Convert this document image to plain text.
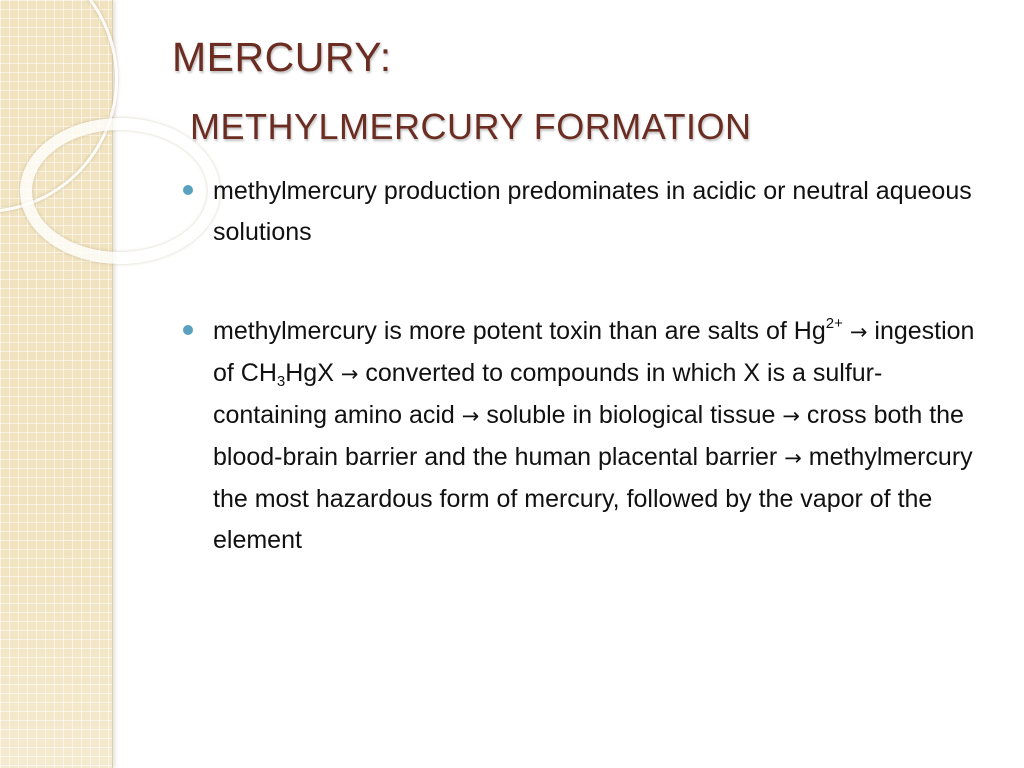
MERCURY:
METHYLMERCURY FORMATION
methylmercury production predominates in acidic or neutral aqueous solutions
methylmercury is more potent toxin than are salts of $Hg^{2+}$ → ingestion of $CH_3HgX$ → converted to compounds in which X is a sulfur-containing amino acid → soluble in biological tissue → cross both the blood-brain barrier and the human placental barrier → methylmercury the most hazardous form of mercury, followed by the vapor of the element
